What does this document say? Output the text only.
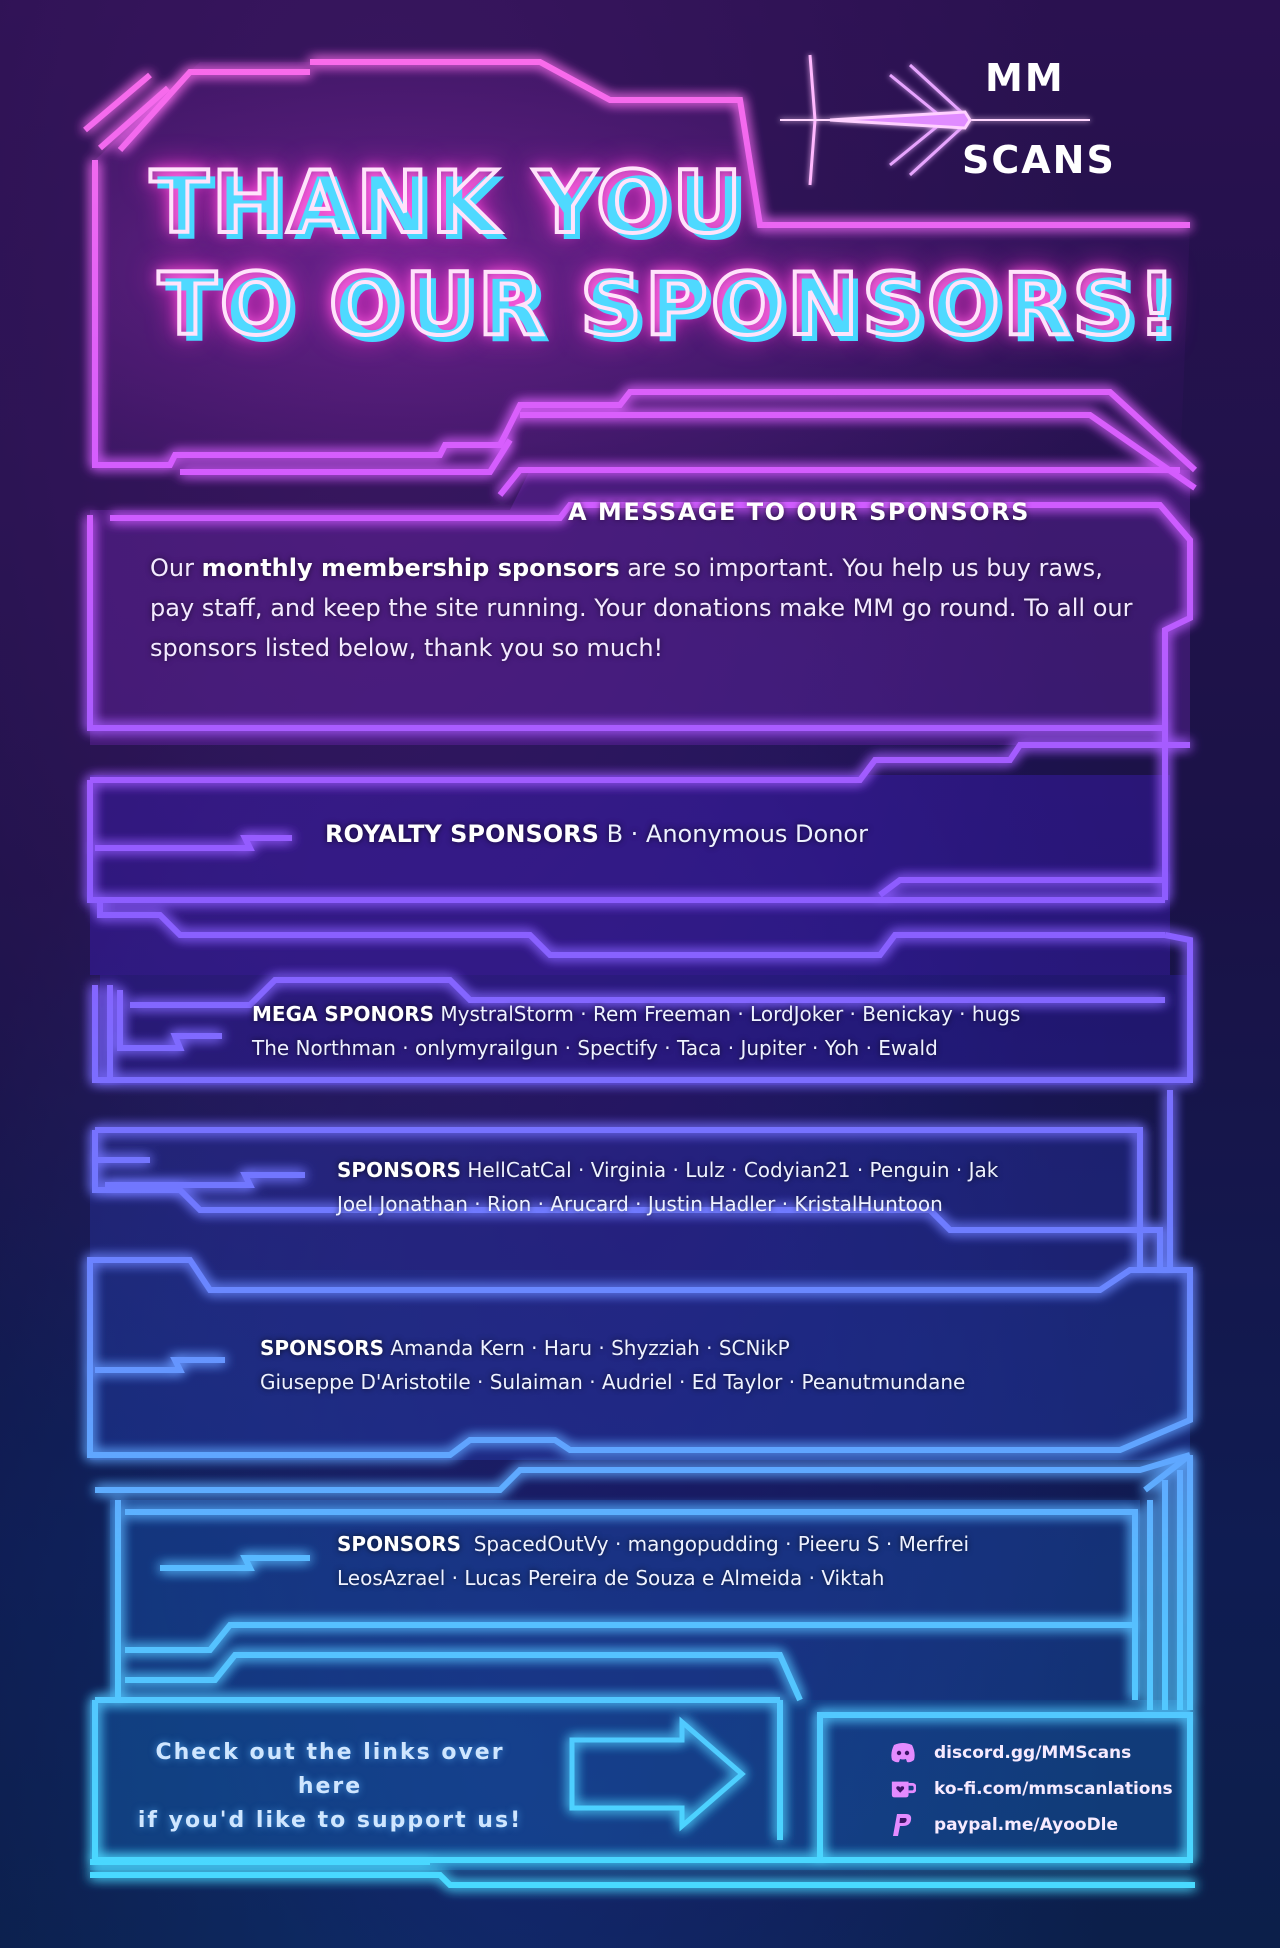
MM
SCANS
THANK YOU
TO OUR SPONSORS!
A MESSAGE TO OUR SPONSORS
Our monthly membership sponsors are so important. You help us buy raws, pay staff, and keep the site running. Your donations make MM go round. To all our sponsors listed below, thank you so much!
ROYALTY SPONSORS B · Anonymous Donor
MEGA SPONORS MystralStorm · Rem Freeman · LordJoker · Benickay · hugs
The Northman · onlymyrailgun · Spectify · Taca · Jupiter · Yoh · Ewald
SPONSORS HellCatCal · Virginia · Lulz · Codyian21 · Penguin · Jak
Joel Jonathan · Rion · Arucard · Justin Hadler · KristalHuntoon
SPONSORS Amanda Kern · Haru · Shyzziah · SCNikP
Giuseppe D'Aristotile · Sulaiman · Audriel · Ed Taylor · Peanutmundane
SPONSORS  SpacedOutVy · mangopudding · Pieeru S · Merfrei
LeosAzrael · Lucas Pereira de Souza e Almeida · Viktah
Check out the links over here
if you'd like to support us!
discord.gg/MMScans
ko-fi.com/mmscanlations
paypal.me/AyooDle
